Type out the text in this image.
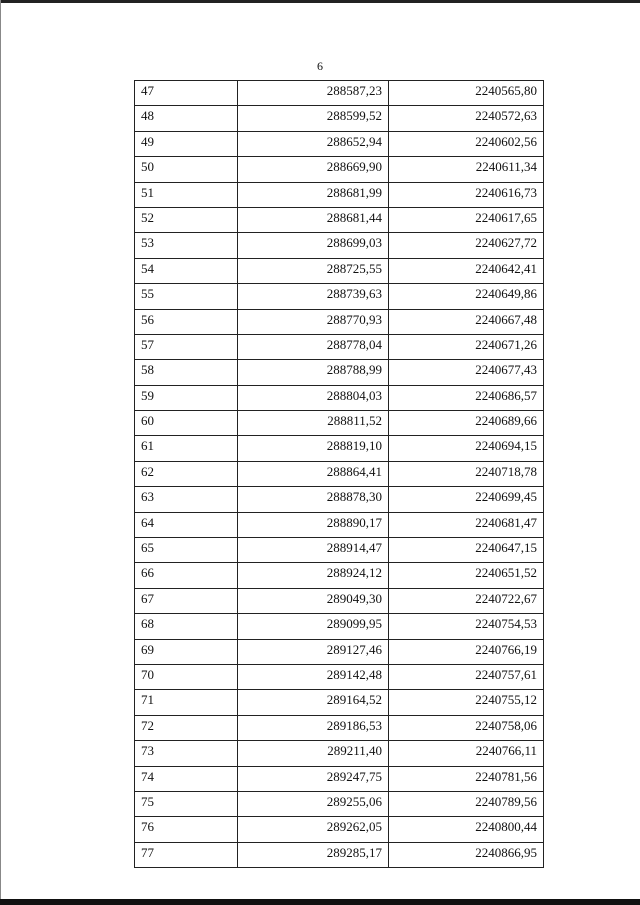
6
47	288587,23	2240565,80
48	288599,52	2240572,63
49	288652,94	2240602,56
50	288669,90	2240611,34
51	288681,99	2240616,73
52	288681,44	2240617,65
53	288699,03	2240627,72
54	288725,55	2240642,41
55	288739,63	2240649,86
56	288770,93	2240667,48
57	288778,04	2240671,26
58	288788,99	2240677,43
59	288804,03	2240686,57
60	288811,52	2240689,66
61	288819,10	2240694,15
62	288864,41	2240718,78
63	288878,30	2240699,45
64	288890,17	2240681,47
65	288914,47	2240647,15
66	288924,12	2240651,52
67	289049,30	2240722,67
68	289099,95	2240754,53
69	289127,46	2240766,19
70	289142,48	2240757,61
71	289164,52	2240755,12
72	289186,53	2240758,06
73	289211,40	2240766,11
74	289247,75	2240781,56
75	289255,06	2240789,56
76	289262,05	2240800,44
77	289285,17	2240866,95
